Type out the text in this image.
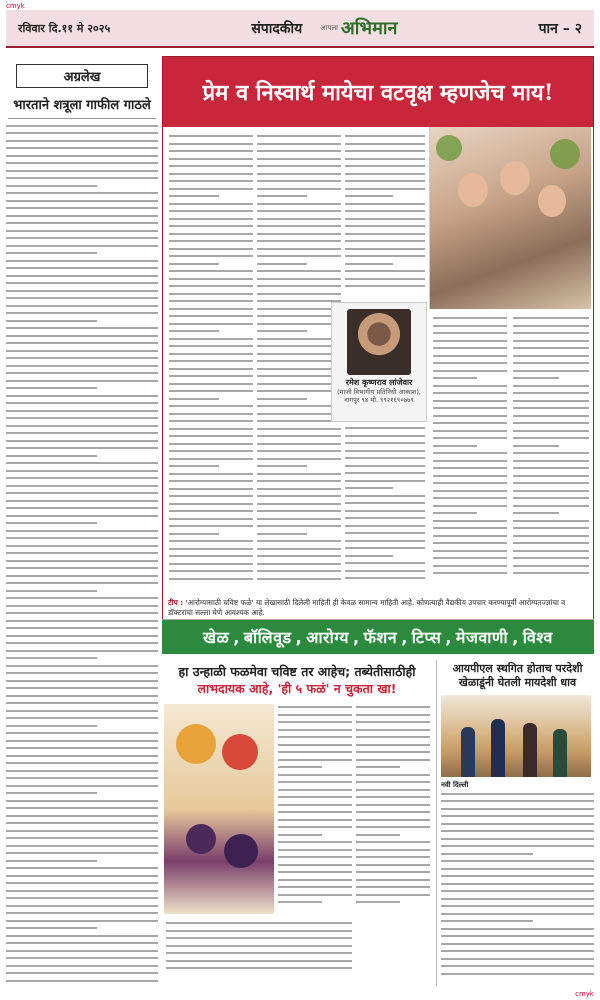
cmyk
रविवार दि.११ मे २०२५	संपादकीय	आपला अभिमान	पान – २
अग्रलेख
भारताने शत्रूला गाफील गाठले	प्रेम व निस्वार्थ मायेचा वटवृक्ष म्हणजेच माय!
रमेश कृष्णराव लांजेवार
(माजी विभागीय प्रतिनिधी आकाश), नागपूर ९४ मो. ९९२१६९०७७९
टीप : 'आरोग्यासाठी चविष्ट फळे' या लेखासाठी दिलेली माहिती ही केवळ सामान्य माहिती आहे. कोणत्याही वैद्यकीय उपचार करण्यापूर्वी आरोग्यतज्ज्ञांचा व डॉक्टरांचा सल्ला घेणे आवश्यक आहे.
खेळ , बॉलिवूड , आरोग्य , फॅशन , टिप्स , मेजवाणी , विश्व
हा उन्हाळी फळमेवा चविष्ट तर आहेच; तब्येतीसाठीही
लाभदायक आहे, 'ही ५ फळं' न चुकता खा!
आयपीएल स्थगित होताच परदेशी खेळाडूंनी घेतली मायदेशी धाव
नवी दिल्ली
cmyk
